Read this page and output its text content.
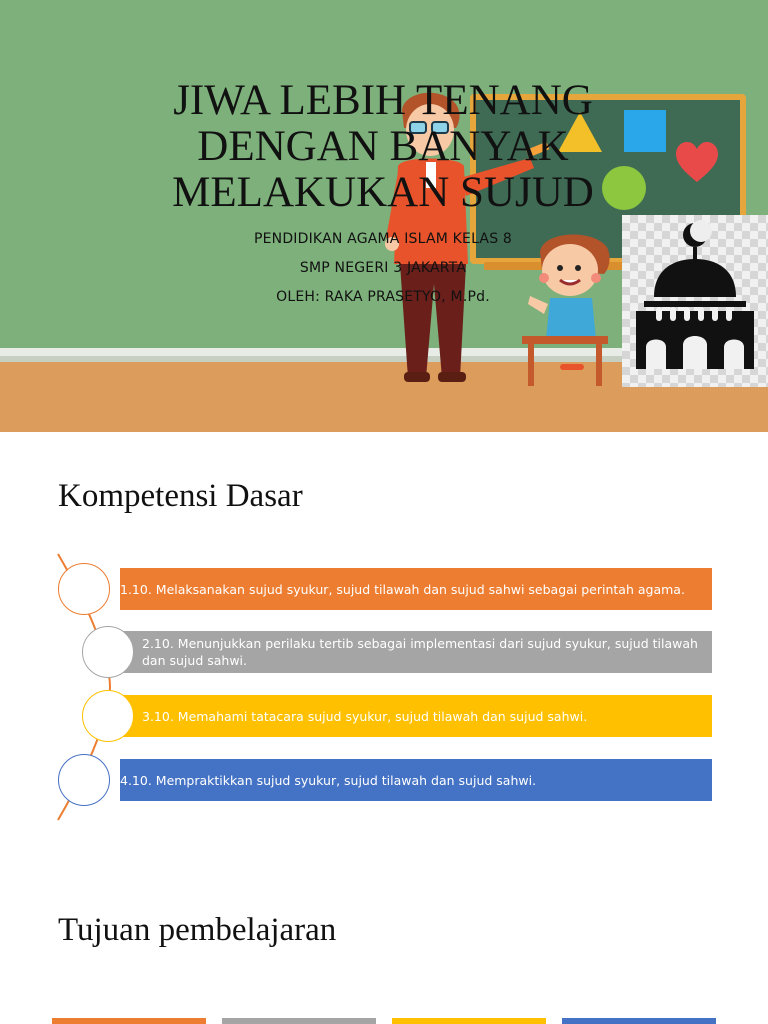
JIWA LEBIH TENANG
DENGAN BANYAK
MELAKUKAN SUJUD
PENDIDIKAN AGAMA ISLAM KELAS 8
SMP NEGERI 3 JAKARTA
OLEH: RAKA PRASETYO, M.Pd.
Kompetensi Dasar
1.10. Melaksanakan sujud syukur, sujud tilawah dan sujud sahwi sebagai perintah agama.
2.10. Menunjukkan perilaku tertib sebagai implementasi dari sujud syukur, sujud tilawah dan sujud sahwi.
3.10. Memahami tatacara sujud syukur, sujud tilawah dan sujud sahwi.
4.10. Mempraktikkan sujud syukur, sujud tilawah dan sujud sahwi.
Tujuan pembelajaran
